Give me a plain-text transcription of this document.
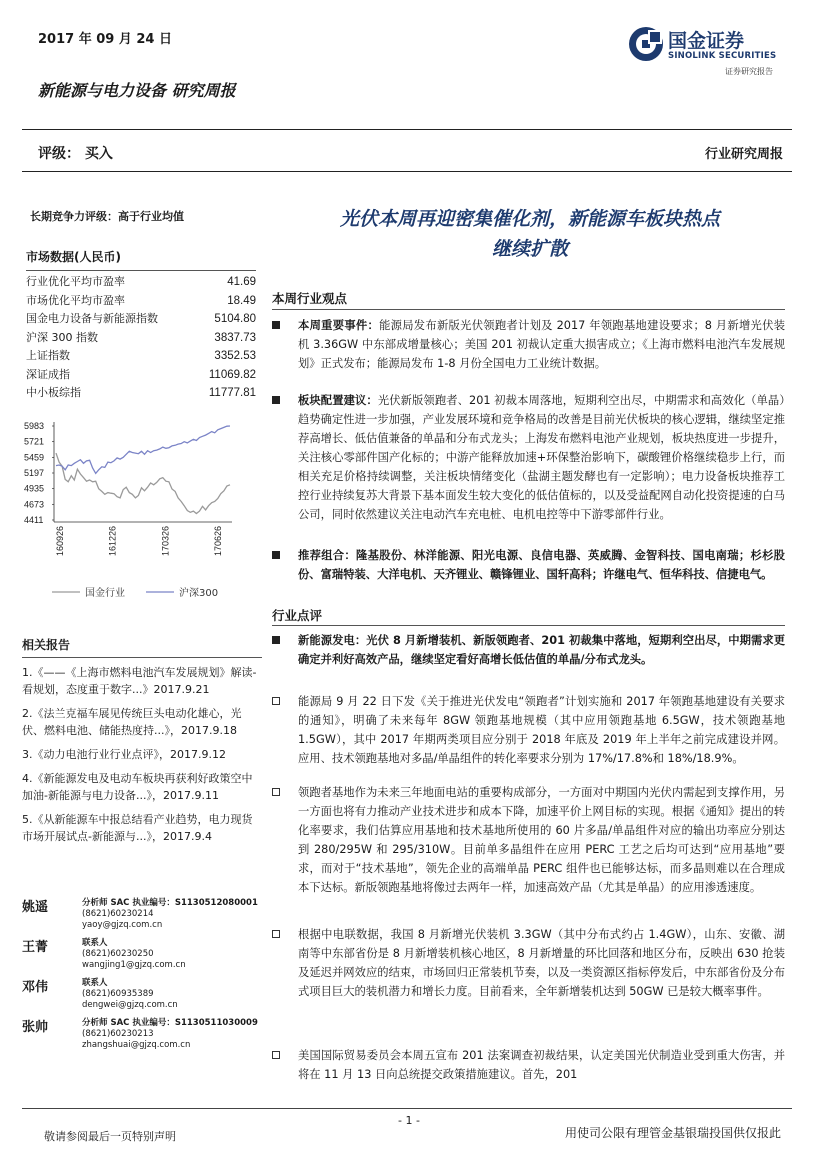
2017 年 09 月 24 日
新能源与电力设备 研究周报
国金证券
SINOLINK SECURITIES
证券研究报告
评级： 买入	行业研究周报
长期竞争力评级：高于行业均值
市场数据(人民币)
行业优化平均市盈率	41.69
市场优化平均市盈率	18.49
国金电力设备与新能源指数	5104.80
沪深 300 指数	3837.73
上证指数	3352.53
深证成指	11069.82
中小板综指	11777.81
5983
5721
5459
5197
4935
4673
4411
160926	161226	170326	170626
国金行业	沪深300
相关报告
1.《——《上海市燃料电池汽车发展规划》解读-看规划，态度重于数字...》2017.9.21
2.《法兰克福车展见传统巨头电动化雄心，光伏、燃料电池、储能热度持...》，2017.9.18
3.《动力电池行业行业点评》，2017.9.12
4.《新能源发电及电动车板块再获利好政策空中加油-新能源与电力设备...》，2017.9.11
5.《从新能源车中报总结看产业趋势，电力现货市场开展试点-新能源与...》，2017.9.4
姚遥	分析师 SAC 执业编号：S1130512080001
(8621)60230214
yaoy@gjzq.com.cn
王菁	联系人
(8621)60230250
wangjing1@gjzq.com.cn
邓伟	联系人
(8621)60935389
dengwei@gjzq.com.cn
张帅	分析师 SAC 执业编号：S1130511030009
(8621)60230213
zhangshuai@gjzq.com.cn
光伏本周再迎密集催化剂，新能源车板块热点
继续扩散
本周行业观点
本周重要事件：能源局发布新版光伏领跑者计划及 2017 年领跑基地建设要求；8 月新增光伏装机 3.36GW 中东部成增量核心；美国 201 初裁认定重大损害成立；《上海市燃料电池汽车发展规划》正式发布；能源局发布 1-8 月份全国电力工业统计数据。
板块配置建议：光伏新版领跑者、201 初裁本周落地，短期利空出尽，中期需求和高效化（单晶）趋势确定性进一步加强，产业发展环境和竞争格局的改善是目前光伏板块的核心逻辑，继续坚定推荐高增长、低估值兼备的单晶和分布式龙头；上海发布燃料电池产业规划，板块热度进一步提升，关注核心零部件国产化标的；中游产能释放加速+环保整治影响下，碳酸锂价格继续稳步上行，而相关充足价格持续调整，关注板块情绪变化（盐湖主题发酵也有一定影响）；电力设备板块推荐工控行业持续复苏大背景下基本面发生较大变化的低估值标的，以及受益配网自动化投资提速的白马公司，同时依然建议关注电动汽车充电桩、电机电控等中下游零部件行业。
推荐组合：隆基股份、林洋能源、阳光电源、良信电器、英威腾、金智科技、国电南瑞；杉杉股份、富瑞特装、大洋电机、天齐锂业、赣锋锂业、国轩高科；许继电气、恒华科技、信捷电气。
行业点评
新能源发电：光伏 8 月新增装机、新版领跑者、201 初裁集中落地，短期利空出尽，中期需求更确定并利好高效产品，继续坚定看好高增长低估值的单晶/分布式龙头。
能源局 9 月 22 日下发《关于推进光伏发电“领跑者”计划实施和 2017 年领跑基地建设有关要求的通知》，明确了未来每年 8GW 领跑基地规模（其中应用领跑基地 6.5GW，技术领跑基地 1.5GW），其中 2017 年期两类项目应分别于 2018 年底及 2019 年上半年之前完成建设并网。应用、技术领跑基地对多晶/单晶组件的转化率要求分别为 17%/17.8%和 18%/18.9%。
领跑者基地作为未来三年地面电站的重要构成部分，一方面对中期国内光伏内需起到支撑作用，另一方面也将有力推动产业技术进步和成本下降，加速平价上网目标的实现。根据《通知》提出的转化率要求，我们估算应用基地和技术基地所使用的 60 片多晶/单晶组件对应的输出功率应分别达到 280/295W 和 295/310W。目前单多晶组件在应用 PERC 工艺之后均可达到“应用基地”要求，而对于“技术基地”，领先企业的高端单晶 PERC 组件也已能够达标，而多晶则难以在合理成本下达标。新版领跑基地将像过去两年一样，加速高效产品（尤其是单晶）的应用渗透速度。
根据中电联数据，我国 8 月新增光伏装机 3.3GW（其中分布式约占 1.4GW），山东、安徽、湖南等中东部省份是 8 月新增装机核心地区，8 月新增量的环比回落和地区分布，反映出 630 抢装及延迟并网效应的结束，市场回归正常装机节奏，以及一类资源区指标停发后，中东部省份及分布式项目巨大的装机潜力和增长力度。目前看来，全年新增装机达到 50GW 已是较大概率事件。
美国国际贸易委员会本周五宣布 201 法案调查初裁结果，认定美国光伏制造业受到重大伤害，并将在 11 月 13 日向总统提交政策措施建议。首先，201
敬请参阅最后一页特别声明
- 1 -
用使司公限有理管金基银瑞投国供仅报此
